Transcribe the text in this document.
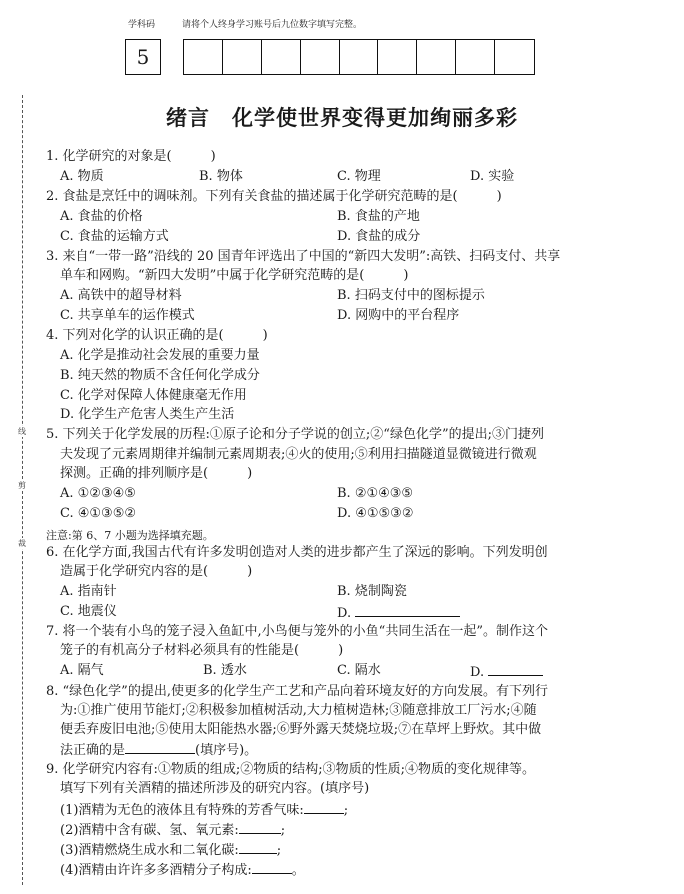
学科码	请将个人终身学习账号后九位数字填写完整。
5
线
剪
裁
绪言　化学使世界变得更加绚丽多彩
1. 化学研究的对象是(　　　)
A. 物质	B. 物体	C. 物理	D. 实验
2. 食盐是烹饪中的调味剂。下列有关食盐的描述属于化学研究范畴的是(　　　)
A. 食盐的价格	B. 食盐的产地
C. 食盐的运输方式	D. 食盐的成分
3. 来自“一带一路”沿线的 20 国青年评选出了中国的“新四大发明”:高铁、扫码支付、共享
单车和网购。“新四大发明”中属于化学研究范畴的是(　　　)
A. 高铁中的超导材料	B. 扫码支付中的图标提示
C. 共享单车的运作模式	D. 网购中的平台程序
4. 下列对化学的认识正确的是(　　　)
A. 化学是推动社会发展的重要力量
B. 纯天然的物质不含任何化学成分
C. 化学对保障人体健康毫无作用
D. 化学生产危害人类生产生活
5. 下列关于化学发展的历程:①原子论和分子学说的创立;②“绿色化学”的提出;③门捷列
夫发现了元素周期律并编制元素周期表;④火的使用;⑤利用扫描隧道显微镜进行微观
探测。正确的排列顺序是(　　　)
A. ①②③④⑤	B. ②①④③⑤
C. ④①③⑤②	D. ④①⑤③②
注意:第 6、7 小题为选择填充题。
6. 在化学方面,我国古代有许多发明创造对人类的进步都产生了深远的影响。下列发明创
造属于化学研究内容的是(　　　)
A. 指南针	B. 烧制陶瓷
C. 地震仪	D.
7. 将一个装有小鸟的笼子浸入鱼缸中,小鸟便与笼外的小鱼“共同生活在一起”。制作这个
笼子的有机高分子材料必须具有的性能是(　　　)
A. 隔气	B. 透水	C. 隔水	D.
8. “绿色化学”的提出,使更多的化学生产工艺和产品向着环境友好的方向发展。有下列行
为:①推广使用节能灯;②积极参加植树活动,大力植树造林;③随意排放工厂污水;④随
便丢弃废旧电池;⑤使用太阳能热水器;⑥野外露天焚烧垃圾;⑦在草坪上野炊。其中做
法正确的是	(填序号)。
9. 化学研究内容有:①物质的组成;②物质的结构;③物质的性质;④物质的变化规律等。
填写下列有关酒精的描述所涉及的研究内容。(填序号)
(1)酒精为无色的液体且有特殊的芳香气味:	;
(2)酒精中含有碳、氢、氧元素:	;
(3)酒精燃烧生成水和二氧化碳:	;
(4)酒精由许许多多酒精分子构成:	。
